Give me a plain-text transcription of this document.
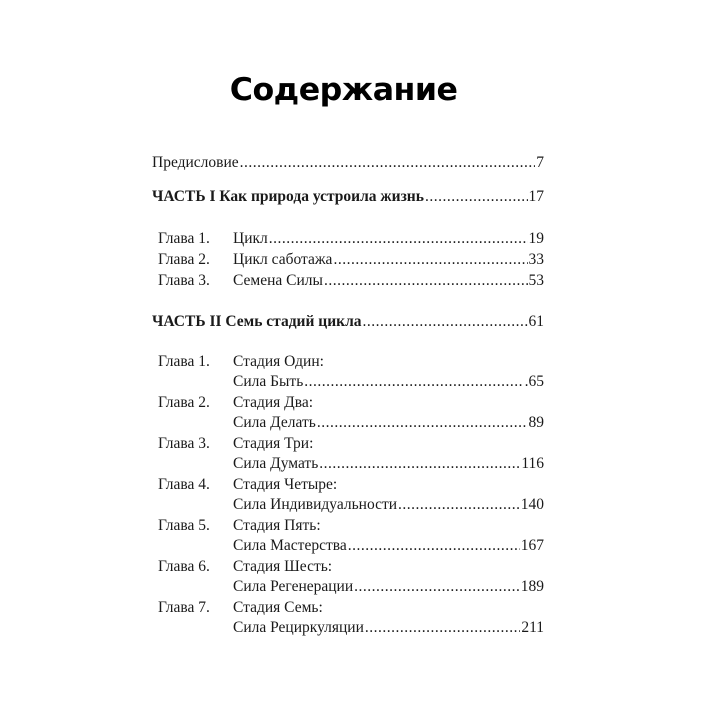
Содержание
Предисловие .....	7
ЧАСТЬ I Как природа устроила жизнь .....	17
Глава 1. Цикл .....	19
Глава 2. Цикл саботажа .....	33
Глава 3. Семена Силы .....	53
ЧАСТЬ II Семь стадий цикла .....	61
Глава 1. Стадия Один:
Сила Быть .....	.65
Глава 2. Стадия Два:
Сила Делать .....	89
Глава 3. Стадия Три:
Сила Думать .....	116
Глава 4. Стадия Четыре:
Сила Индивидуальности .....	140
Глава 5. Стадия Пять:
Сила Мастерства .....	167
Глава 6. Стадия Шесть:
Сила Регенерации .....	189
Глава 7. Стадия Семь:
Сила Рециркуляции .....	211
